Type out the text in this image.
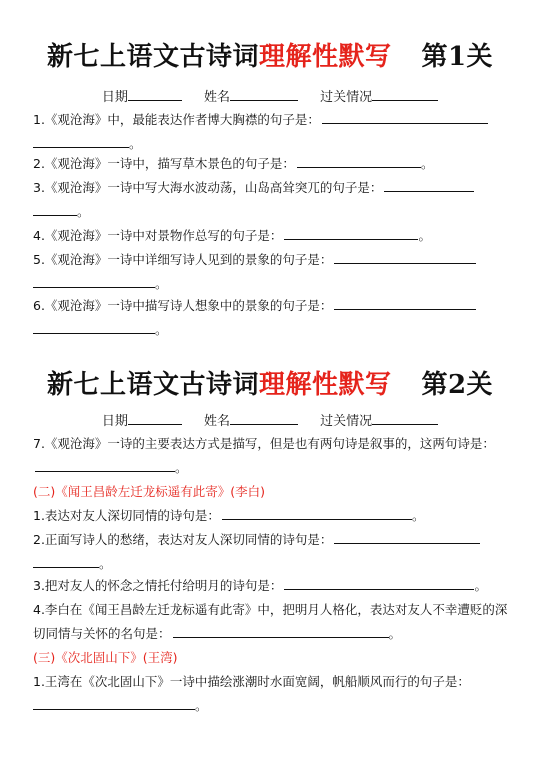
新七上语文古诗词理解性默写 第1关
日期	姓名	过关情况
1.《观沧海》中，最能表达作者博大胸襟的句子是：
。
2.《观沧海》一诗中，描写草木景色的句子是：	。
3.《观沧海》一诗中写大海水波动荡，山岛高耸突兀的句子是：
。
4.《观沧海》一诗中对景物作总写的句子是：	。
5.《观沧海》一诗中详细写诗人见到的景象的句子是：
。
6.《观沧海》一诗中描写诗人想象中的景象的句子是：
。
新七上语文古诗词理解性默写 第2关
日期	姓名	过关情况
7.《观沧海》一诗的主要表达方式是描写，但是也有两句诗是叙事的，这两句诗是：。
(二)《闻王昌龄左迁龙标遥有此寄》(李白)
1.表达对友人深切同情的诗句是：	。
2.正面写诗人的愁绪，表达对友人深切同情的诗句是：
。
3.把对友人的怀念之情托付给明月的诗句是：	。
4.李白在《闻王昌龄左迁龙标遥有此寄》中，把明月人格化，表达对友人不幸遭贬的深切同情与关怀的名句是：	。
(三)《次北固山下》(王湾)
1.王湾在《次北固山下》一诗中描绘涨潮时水面宽阔，帆船顺风而行的句子是：
。
